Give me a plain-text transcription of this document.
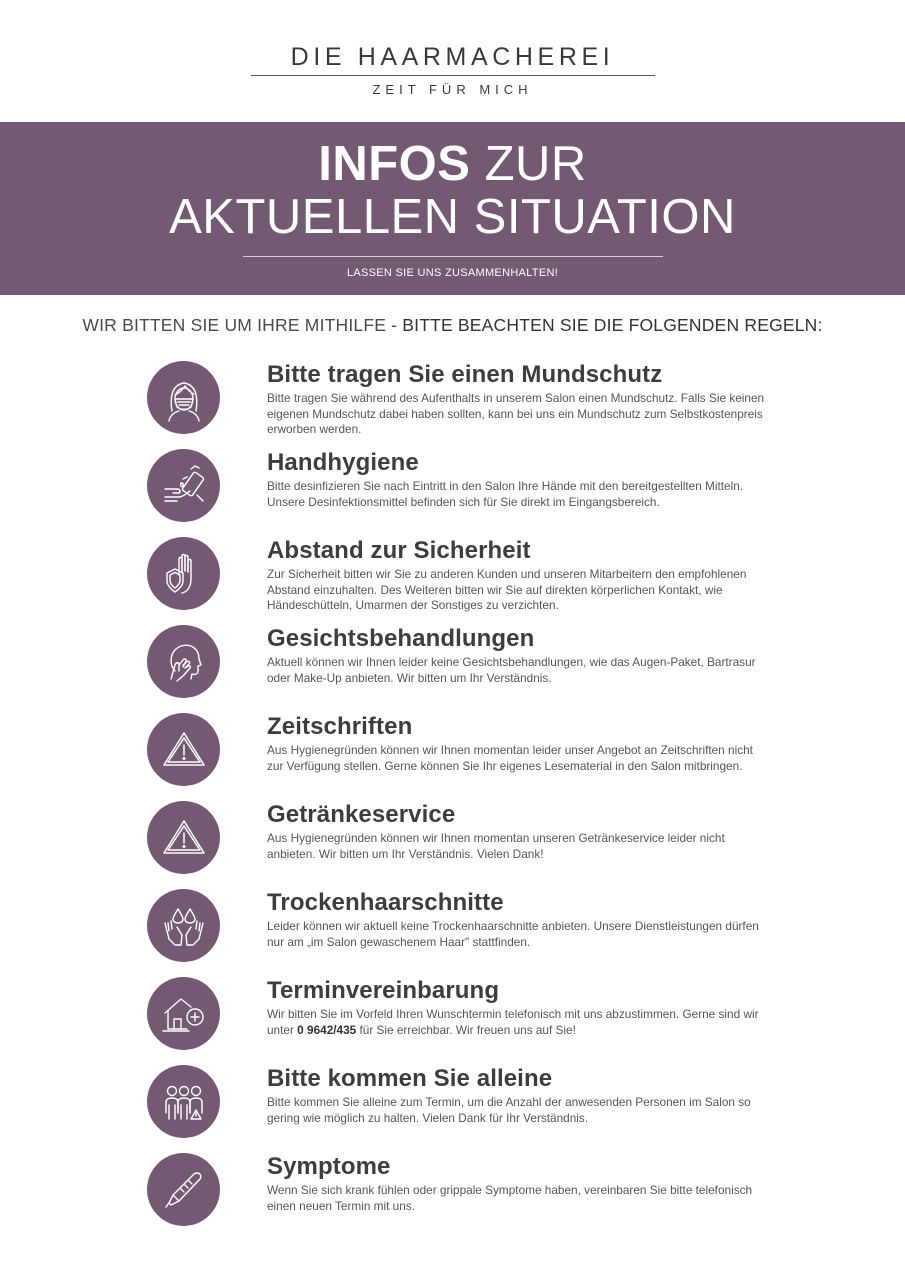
DIE HAARMACHEREI
ZEIT FÜR MICH
INFOS ZUR
AKTUELLEN SITUATION
LASSEN SIE UNS ZUSAMMENHALTEN!
WIR BITTEN SIE UM IHRE MITHILFE - BITTE BEACHTEN SIE DIE FOLGENDEN REGELN:
Bitte tragen Sie einen Mundschutz

Bitte tragen Sie während des Aufenthalts in unserem Salon einen Mundschutz. Falls Sie keinen eigenen Mundschutz dabei haben sollten, kann bei uns ein Mundschutz zum Selbstkostenpreis erworben werden.

Handhygiene

Bitte desinfizieren Sie nach Eintritt in den Salon Ihre Hände mit den bereitgestellten Mitteln. Unsere Desinfektionsmittel befinden sich für Sie direkt im Eingangsbereich.

Abstand zur Sicherheit

Zur Sicherheit bitten wir Sie zu anderen Kunden und unseren Mitarbeitern den empfohlenen Abstand einzuhalten. Des Weiteren bitten wir Sie auf direkten körperlichen Kontakt, wie Händeschütteln, Umarmen der Sonstiges zu verzichten.

Gesichtsbehandlungen

Aktuell können wir Ihnen leider keine Gesichtsbehandlungen, wie das Augen-Paket, Bartrasur oder Make-Up anbieten. Wir bitten um Ihr Verständnis.

Zeitschriften

Aus Hygienegründen können wir Ihnen momentan leider unser Angebot an Zeitschriften nicht zur Verfügung stellen. Gerne können Sie Ihr eigenes Lesematerial in den Salon mitbringen.

Getränkeservice

Aus Hygienegründen können wir Ihnen momentan unseren Getränkeservice leider nicht anbieten. Wir bitten um Ihr Verständnis. Vielen Dank!

Trockenhaarschnitte

Leider können wir aktuell keine Trockenhaarschnitte anbieten. Unsere Dienstleistungen dürfen nur am „im Salon gewaschenem Haar" stattfinden.

Terminvereinbarung

Wir bitten Sie im Vorfeld Ihren Wunschtermin telefonisch mit uns abzustimmen. Gerne sind wir unter 0 9642/435 für Sie erreichbar. Wir freuen uns auf Sie!

Bitte kommen Sie alleine

Bitte kommen Sie alleine zum Termin, um die Anzahl der anwesenden Personen im Salon so gering wie möglich zu halten. Vielen Dank für Ihr Verständnis.

Symptome

Wenn Sie sich krank fühlen oder grippale Symptome haben, vereinbaren Sie bitte telefonisch einen neuen Termin mit uns.
